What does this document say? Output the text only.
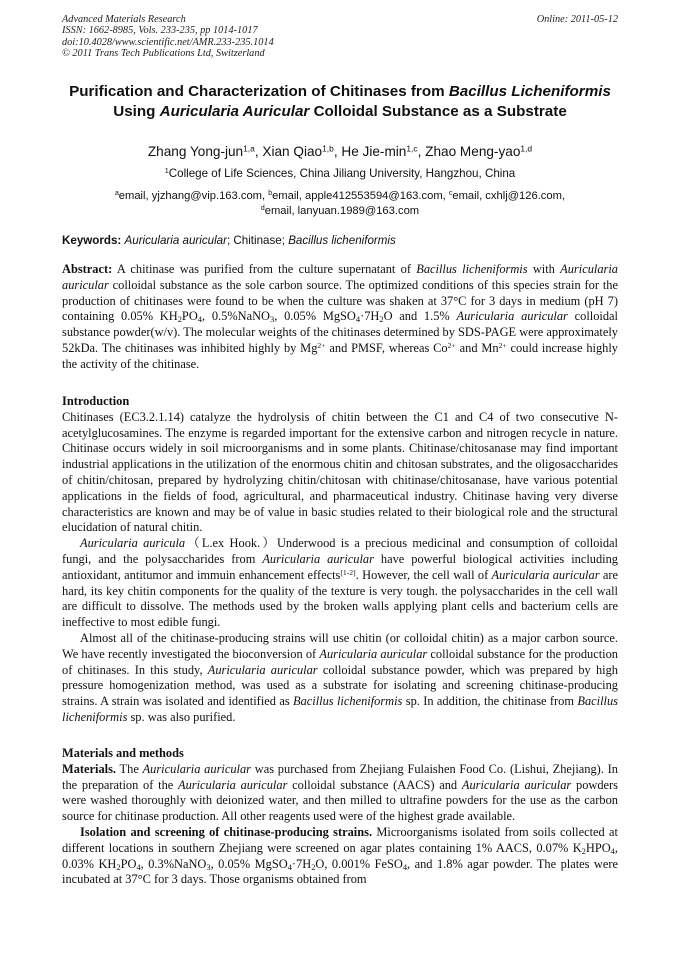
Advanced Materials Research
ISSN: 1662-8985, Vols. 233-235, pp 1014-1017
doi:10.4028/www.scientific.net/AMR.233-235.1014
© 2011 Trans Tech Publications Ltd, Switzerland
Online: 2011-05-12
Purification and Characterization of Chitinases from Bacillus Licheniformis Using Auricularia Auricular Colloidal Substance as a Substrate
Zhang Yong-jun$^{1,a}$, Xian Qiao$^{1,b}$, He Jie-$\min^{1,c}$, Zhao Meng-yao$^{1,d}$
$^1$College of Life Sciences, China Jiliang University, Hangzhou, China
$^a$email, yjzhang@vip.163.com, $^b$email, apple412553594@163.com, $^c$email, cxhlj@126.com,
$^d$email, lanyuan.1989@163.com
Keywords: Auricularia auricular; Chitinase; Bacillus licheniformis

Abstract: A chitinase was purified from the culture supernatant of Bacillus licheniformis with Auricularia auricular colloidal substance as the sole carbon source. The optimized conditions of this species strain for the production of chitinases were found to be when the culture was shaken at 37°C for 3 days in medium (pH 7) containing 0.05% $KH_2PO_4$, 0.5%NaNO$_3$, 0.05% $MgSO_4\cdot 7H_2O$ and 1.5% Auricularia auricular colloidal substance powder(w/v). The molecular weights of the chitinases determined by SDS-PAGE were approximately 52kDa. The chitinases was inhibited highly by $Mg^{2+}$ and PMSF, whereas $Co^{2+}$ and $Mn^{2+}$ could increase highly the activity of the chitinase.

Introduction

Chitinases (EC3.2.1.14) catalyze the hydrolysis of chitin between the C1 and C4 of two consecutive N-acetylglucosamines. The enzyme is regarded important for the extensive carbon and nitrogen recycle in nature. Chitinase occurs widely in soil microorganisms and in some plants. Chitinase/chitosanase may find important industrial applications in the utilization of the enormous chitin and chitosan substrates, and the oligosaccharides of chitin/chitosan, prepared by hydrolyzing chitin/chitosan with chitinase/chitosanase, have various potential applications in the fields of food, agricultural, and pharmaceutical industry. Chitinase having very diverse characteristics are known and may be of value in basic studies related to their biological role and the structural elucidation of natural chitin.

Auricularia auricula（L.ex Hook.）Underwood is a precious medicinal and consumption of colloidal fungi, and the polysaccharides from Auricularia auricular have powerful biological activities including antioxidant, antitumor and immuin enhancement effects[1-2]. However, the cell wall of Auricularia auricular are hard, its key chitin components for the quality of the texture is very tough. the polysaccharides in the cell wall are difficult to dissolve. The methods used by the broken walls applying plant cells and bacterium cells are ineffective to most edible fungi.

Almost all of the chitinase-producing strains will use chitin (or colloidal chitin) as a major carbon source. We have recently investigated the bioconversion of Auricularia auricular colloidal substance for the production of chitinases. In this study, Auricularia auricular colloidal substance powder, which was prepared by high pressure homogenization method, was used as a substrate for isolating and screening chitinase-producing strains. A strain was isolated and identified as Bacillus licheniformis sp. In addition, the chitinase from Bacillus licheniformis sp. was also purified.

Materials and methods

Materials. The Auricularia auricular was purchased from Zhejiang Fulaishen Food Co. (Lishui, Zhejiang). In the preparation of the Auricularia auricular colloidal substance (AACS) and Auricularia auricular powders were washed thoroughly with deionized water, and then milled to ultrafine powders for the use as the carbon source for chitinase production. All other reagents used were of the highest grade available.

Isolation and screening of chitinase-producing strains. Microorganisms isolated from soils collected at different locations in southern Zhejiang were screened on agar plates containing 1% AACS, 0.07% $K_2HPO_4$, 0.03% $KH_2PO_4$, 0.3%NaNO$_3$, 0.05% $MgSO_4\cdot 7H_2O$, 0.001% FeSO$_4$, and 1.8% agar powder. The plates were incubated at 37°C for 3 days. Those organisms obtained from
